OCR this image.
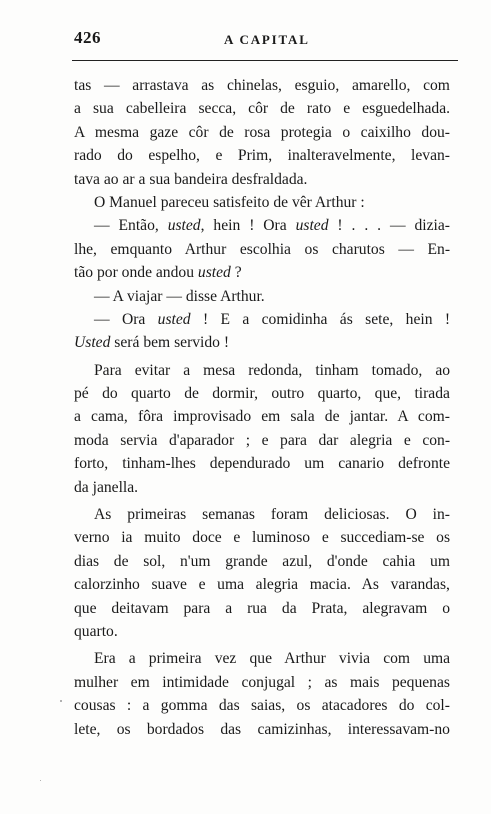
426	A CAPITAL
tas — arrastava as chinelas, esguio, amarello, com
a sua cabelleira secca, côr de rato e esguedelhada.
A mesma gaze côr de rosa protegia o caixilho dou-
rado do espelho, e Prim, inalteravelmente, levan-
tava ao ar a sua bandeira desfraldada.
O Manuel pareceu satisfeito de vêr Arthur :
— Então, usted, hein ! Ora usted ! . . . — dizia-
lhe, emquanto Arthur escolhia os charutos — En-
tão por onde andou usted ?
— A viajar — disse Arthur.
— Ora usted ! E a comidinha ás sete, hein !
Usted será bem servido !
Para evitar a mesa redonda, tinham tomado, ao
pé do quarto de dormir, outro quarto, que, tirada
a cama, fôra improvisado em sala de jantar. A com-
moda servia d'aparador ; e para dar alegria e con-
forto, tinham-lhes dependurado um canario defronte
da janella.
As primeiras semanas foram deliciosas. O in-
verno ia muito doce e luminoso e succediam-se os
dias de sol, n'um grande azul, d'onde cahia um
calorzinho suave e uma alegria macia. As varandas,
que deitavam para a rua da Prata, alegravam o
quarto.
Era a primeira vez que Arthur vivia com uma
mulher em intimidade conjugal ; as mais pequenas
cousas : a gomma das saias, os atacadores do col-
lete, os bordados das camizinhas, interessavam-no
